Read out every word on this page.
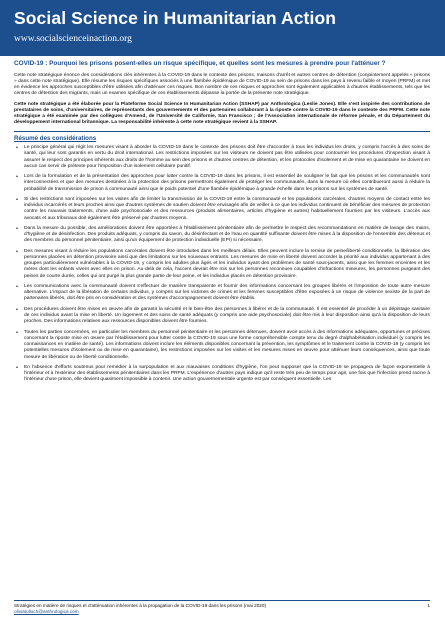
Social Science in Humanitarian Action
www.socialscienceinaction.org
COVID-19 : Pourquoi les prisons posent-elles un risque spécifique, et quelles sont les mesures à prendre pour l'atténuer ?

Cette note stratégique énonce des considérations clés inhérentes à la COVID-19 dans le contexte des prisons, maisons d'arrêt et autres centres de détention (conjointement appelés « prisons » dans cette note stratégique). Elle résume les risques spécifiques associés à une flambée épidémique de COVID-19 au sein de prisons dans les pays à revenu faible et moyen (PRFM) et met en évidence les approches susceptibles d'être utilisées afin d'atténuer ces risques. Bon nombre de ces risques et approches sont également applicables à d'autres établissements, tels que les centres de détention des migrants, mais un examen spécifique de ces établissements dépasse la portée de la présente note stratégique.

Cette note stratégique a été élaborée pour la Plateforme Social Science In Humanitarian Action (SSHAP) par Anthrologica (Leslie Jones). Elle s'est inspirée des contributions de prestataires de soins, d'universitaires, de représentants des gouvernements et des partenaires collaborant à la riposte contre la COVID-19 dans le contexte des PRFM. Cette note stratégique a été examinée par des collègues d'Amend, de l'Université de Californie, San Francisco ; de l'Association internationale de réforme pénale, et du Département du développement international britannique. La responsabilité inhérente à cette note stratégique revient à la SSHAP.

Résumé des considérations
• Le principe général qui régit les mesures visant à aborder la COVID-19 dans le contexte des prisons doit être d'accorder à tous les individus les droits, y compris l'accès à des soins de santé, qui leur sont garantis en vertu du droit international. Les restrictions imposées sur les visiteurs ne doivent pas être utilisées pour contourner les procédures d'inspection visant à assurer le respect des principes inhérents aux droits de l'homme au sein des prisons et d'autres centres de détention, et les protocoles d'isolement et de mise en quarantaine ne doivent en aucun cas servir de prétexte pour l'imposition d'un isolement cellulaire punitif.
• Lors de la formulation et de la présentation des approches pour lutter contre la COVID-19 dans les prisons, il est essentiel de souligner le fait que les prisons et les communautés sont interconnectées et que des mesures destinées à la protection des prisons permettront également de protéger les communautés, dans la mesure où elles contribueront aussi à réduire la probabilité de transmission de prison à communauté ainsi que le poids potentiel d'une flambée épidémique à grande échelle dans les prisons sur les systèmes de santé.
• Si des restrictions sont imposées sur les visites afin de limiter la transmission de la COVID-19 entre la communauté et les populations carcérales, d'autres moyens de contact entre les individus incarcérés et leurs proches ainsi que d'autres systèmes de soutien doivent être envisagés afin de veiller à ce que les individus continuent de bénéficier des mesures de protection contre les mauvais traitements, d'une aide psychosociale et des ressources (produits alimentaires, articles d'hygiène et autres) habituellement fournies par les visiteurs. L'accès aux avocats et aux tribunaux doit également être préservé par d'autres moyens.
• Dans la mesure du possible, des améliorations doivent être apportées à l'établissement pénitentiaire afin de permettre le respect des recommandations en matière de lavage des mains, d'hygiène et de désinfection. Des produits adéquats, y compris du savon, du désinfectant et de l'eau en quantité suffisante doivent être mises à la disposition de l'ensemble des détenus et des membres du personnel pénitentiaire, ainsi qu'un équipement de protection individuelle (EPI) si nécessaire.
• Des mesures visant à réduire les populations carcérales doivent être introduites dans les meilleurs délais. Elles peuvent inclure la remise de peine/liberté conditionnelle, la libération des personnes placées en détention provisoire ainsi que des limitations sur les nouveaux entrants. Les mesures de mise en liberté doivent accorder la priorité aux individus appartenant à des groupes particulièrement vulnérables à la COVID-19, y compris les adultes plus âgés et les individus ayant des problèmes de santé sous-jacents, ainsi que les femmes enceintes et les mères dont les enfants vivent avec elles en prison. Au-delà de cela, l'accent devrait être mis sur les personnes reconnues coupables d'infractions mineures, les personnes purgeant des peines de courte durée, celles qui ont purgé la plus grande partie de leur peine, et les individus placés en détention provisoire.
• Les communications avec la communauté doivent s'effectuer de manière transparente et fournir des informations concernant les groupes libérés et l'imposition de toute autre mesure alternative. L'impact de la libération de certains individus, y compris sur les victimes de crimes et les femmes susceptibles d'être exposées à un risque de violence sexiste de la part de partenaires libérés, doit être pris en considération et des systèmes d'accompagnement doivent être établis.
• Des procédures doivent être mises en œuvre afin de garantir la sécurité et le bien-être des personnes à libérer et de la communauté. Il est essentiel de procéder à un dépistage sanitaire de ces individus avant la mise en liberté. Un logement et des soins de santé adéquats (y compris une aide psychosociale) doit être mis à leur disposition ainsi qu'à la disposition de leurs proches. Des informations relatives aux ressources disponibles doivent être fournies.
• Toutes les parties concernées, en particulier les membres du personnel pénitentiaire et les personnes détenues, doivent avoir accès à des informations adéquates, opportunes et précises concernant la riposte mise en œuvre par l'établissement pour lutter contre la COVID-19 sous une forme compréhensible compte tenu du degré d'alphabétisation individuel (y compris les connaissances en matière de santé). Les informations doivent inclure les éléments disponibles concernant la prévention, les symptômes et le traitement contre la COVID-19 (y compris les potentielles mesures d'isolement ou de mise en quarantaine), les restrictions imposées sur les visites et les mesures mises en œuvre pour atténuer leurs conséquences, ainsi que toute mesure de libération ou de liberté conditionnelle.
• En l'absence d'efforts soutenus pour remédier à la surpopulation et aux mauvaises conditions d'hygiène, l'on peut supposer que la COVID-19 se propagera de façon exponentielle à l'intérieur et à l'extérieur des établissements pénitentiaires dans les PRFM. L'expérience d'autres pays indique qu'il reste très peu de temps pour agir, une fois que l'infection prend racine à l'intérieur d'une prison, elle devient quasiment impossible à contenir. Une action gouvernementale urgente est par conséquent essentielle. Les
Stratégies en matière de risques et d'atténuation inhérentes à la propagation de la COVID-19 dans les prisons (mai 2020)
oliviatulloch@anthrologica.com
1
